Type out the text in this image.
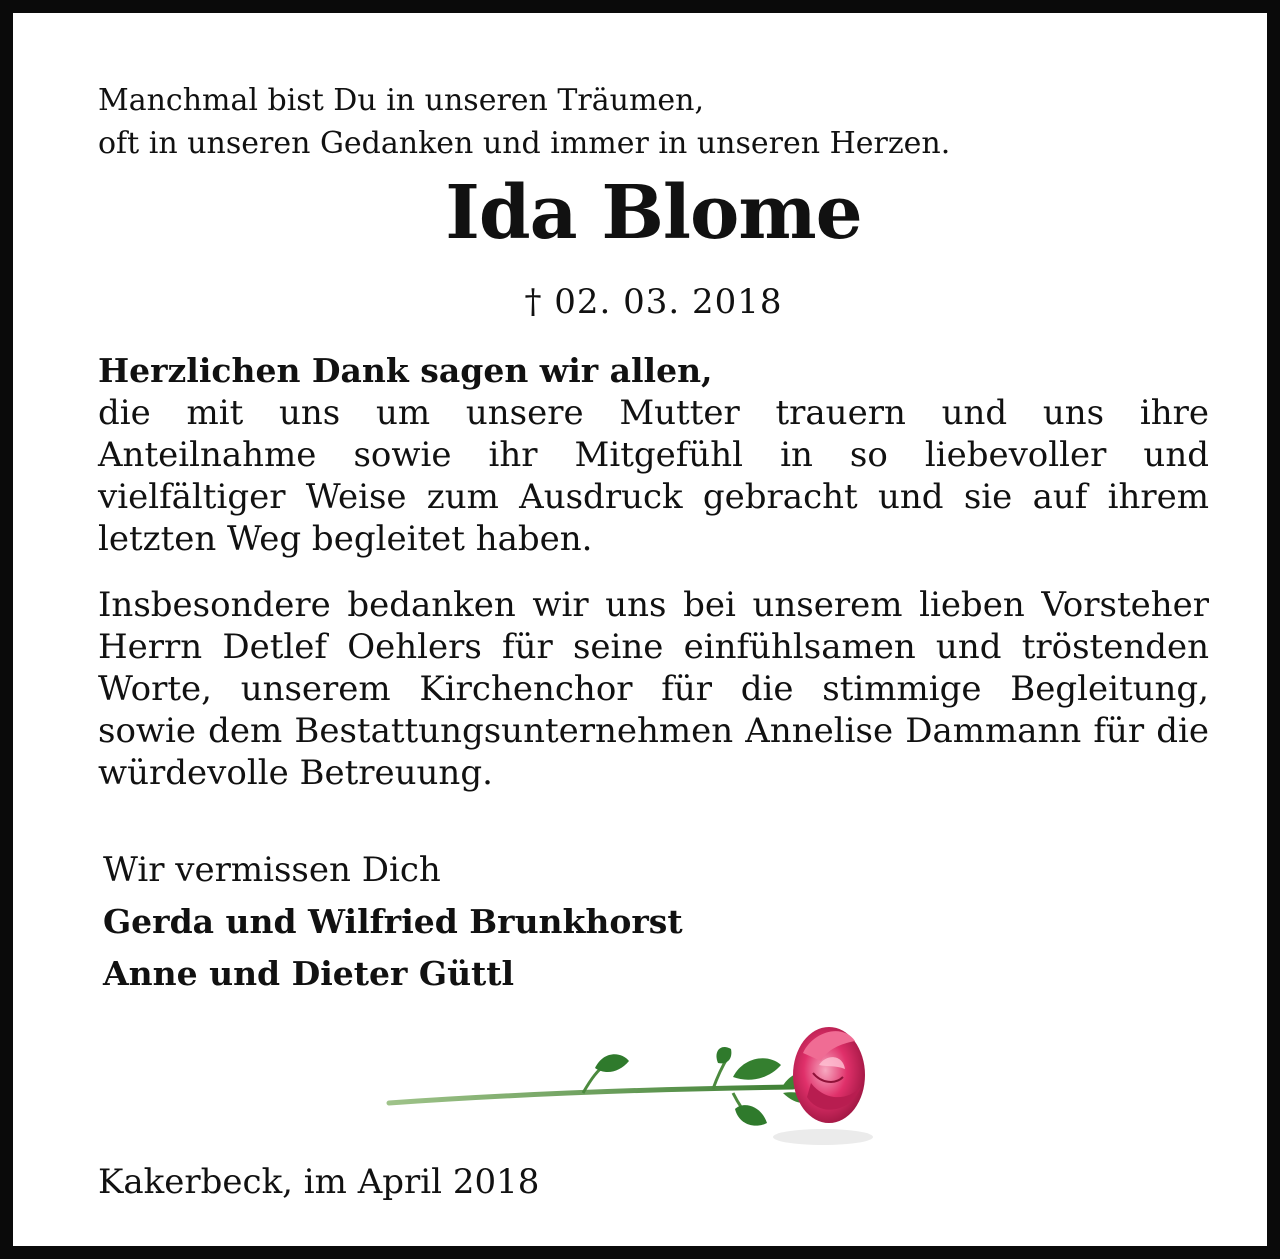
Manchmal bist Du in unseren Träumen,

oft in unseren Gedanken und immer in unseren Herzen.

Ida Blome

† 02. 03. 2018

Herzlichen Dank sagen wir allen,

die mit uns um unsere Mutter trauern und uns ihre Anteilnahme sowie ihr Mitgefühl in so liebevoller und vielfältiger Weise zum Ausdruck gebracht und sie auf ihrem letzten Weg begleitet haben.

Insbesondere bedanken wir uns bei unserem lieben Vorsteher Herrn Detlef Oehlers für seine einfühlsamen und tröstenden Worte, unserem Kirchenchor für die stimmige Begleitung, sowie dem Bestattungsunternehmen Annelise Dammann für die würdevolle Betreuung.

Wir vermissen Dich

Gerda und Wilfried Brunkhorst

Anne und Dieter Güttl

Kakerbeck, im April 2018
